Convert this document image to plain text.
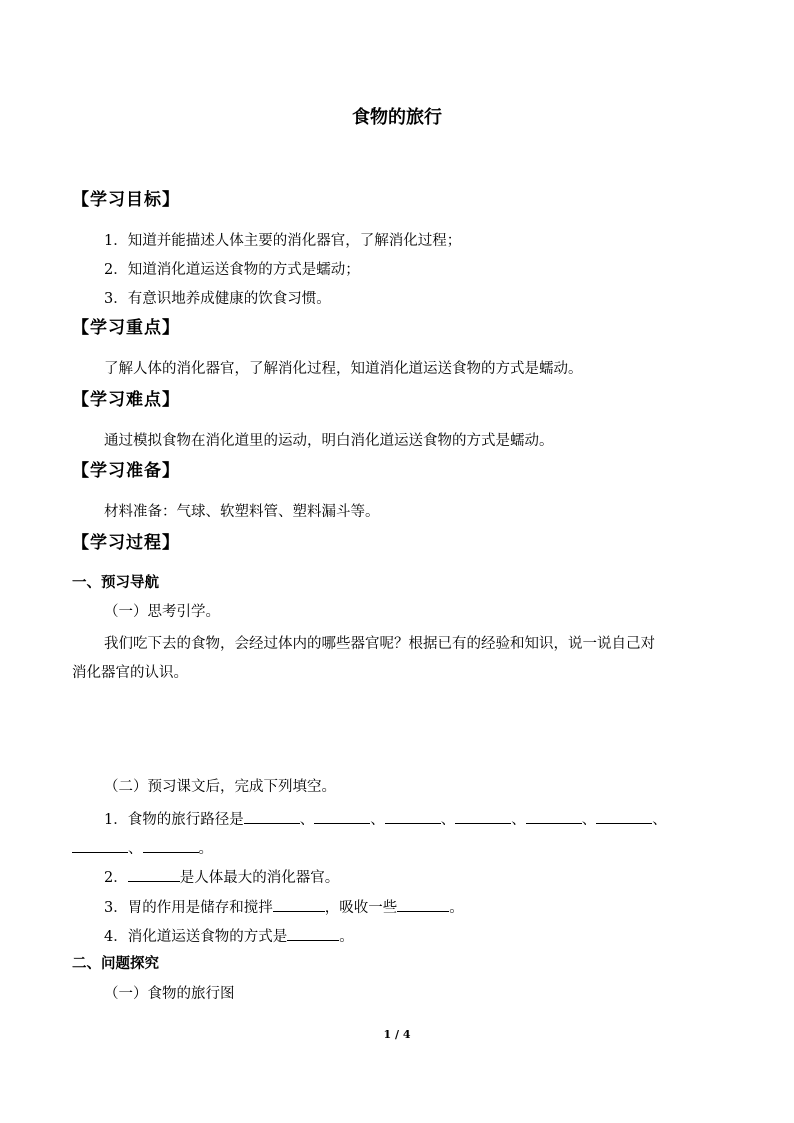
食物的旅行
【学习目标】
1．知道并能描述人体主要的消化器官，了解消化过程；
2．知道消化道运送食物的方式是蠕动；
3．有意识地养成健康的饮食习惯。
【学习重点】
了解人体的消化器官，了解消化过程，知道消化道运送食物的方式是蠕动。
【学习难点】
通过模拟食物在消化道里的运动，明白消化道运送食物的方式是蠕动。
【学习准备】
材料准备：气球、软塑料管、塑料漏斗等。
【学习过程】
一、预习导航
（一）思考引学。
我们吃下去的食物，会经过体内的哪些器官呢？根据已有的经验和知识，说一说自己对
消化器官的认识。
（二）预习课文后，完成下列填空。
1．食物的旅行路径是	、	、	、	、	、	、
、	。
2．	是人体最大的消化器官。
3．胃的作用是储存和搅拌	，吸收一些	。
4．消化道运送食物的方式是	。
二、问题探究
（一）食物的旅行图
1 / 4
